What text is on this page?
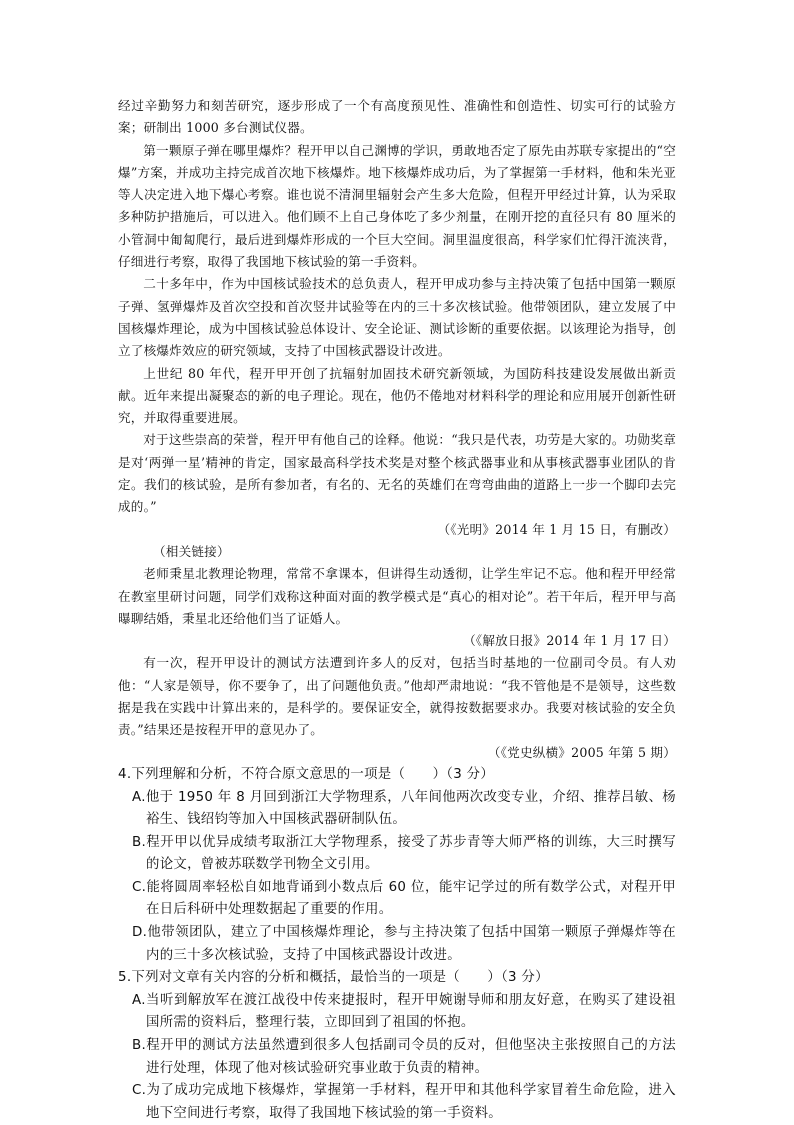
经过辛勤努力和刻苦研究，逐步形成了一个有高度预见性、准确性和创造性、切实可行的试验方案；研制出 1000 多台测试仪器。

第一颗原子弹在哪里爆炸？程开甲以自己渊博的学识，勇敢地否定了原先由苏联专家提出的“空爆”方案，并成功主持完成首次地下核爆炸。地下核爆炸成功后，为了掌握第一手材料，他和朱光亚等人决定进入地下爆心考察。谁也说不清洞里辐射会产生多大危险，但程开甲经过计算，认为采取多种防护措施后，可以进入。他们顾不上自己身体吃了多少剂量，在刚开挖的直径只有 80 厘米的小管洞中匍匐爬行，最后进到爆炸形成的一个巨大空间。洞里温度很高，科学家们忙得汗流浃背，仔细进行考察，取得了我国地下核试验的第一手资料。

二十多年中，作为中国核试验技术的总负责人，程开甲成功参与主持决策了包括中国第一颗原子弹、氢弹爆炸及首次空投和首次竖井试验等在内的三十多次核试验。他带领团队，建立发展了中国核爆炸理论，成为中国核试验总体设计、安全论证、测试诊断的重要依据。以该理论为指导，创立了核爆炸效应的研究领域，支持了中国核武器设计改进。

上世纪 80 年代，程开甲开创了抗辐射加固技术研究新领域，为国防科技建设发展做出新贡献。近年来提出凝聚态的新的电子理论。现在，他仍不倦地对材料科学的理论和应用展开创新性研究，并取得重要进展。

对于这些崇高的荣誉，程开甲有他自己的诠释。他说：“我只是代表，功劳是大家的。功勋奖章是对‘两弹一星’精神的肯定，国家最高科学技术奖是对整个核武器事业和从事核武器事业团队的肯定。我们的核试验，是所有参加者，有名的、无名的英雄们在弯弯曲曲的道路上一步一个脚印去完成的。”

（《光明》2014 年 1 月 15 日，有删改）

（相关链接）

老师秉星北教理论物理，常常不拿课本，但讲得生动透彻，让学生牢记不忘。他和程开甲经常在教室里研讨问题，同学们戏称这种面对面的教学模式是“真心的相对论”。若干年后，程开甲与高曝聊结婚，秉星北还给他们当了证婚人。

（《解放日报》2014 年 1 月 17 日）

有一次，程开甲设计的测试方法遭到许多人的反对，包括当时基地的一位副司令员。有人劝他：“人家是领导，你不要争了，出了问题他负责。”他却严肃地说：“我不管他是不是领导，这些数据是我在实践中计算出来的，是科学的。要保证安全，就得按数据要求办。我要对核试验的安全负责。”结果还是按程开甲的意见办了。

（《党史纵横》2005 年第 5 期）

4.下列理解和分析，不符合原文意思的一项是（　　）（3 分）

A.他于 1950 年 8 月回到浙江大学物理系，八年间他两次改变专业，介绍、推荐吕敏、杨裕生、钱绍钧等加入中国核武器研制队伍。

B.程开甲以优异成绩考取浙江大学物理系，接受了苏步青等大师严格的训练，大三时撰写的论文，曾被苏联数学刊物全文引用。

C.能将圆周率轻松自如地背诵到小数点后 60 位，能牢记学过的所有数学公式，对程开甲在日后科研中处理数据起了重要的作用。

D.他带领团队，建立了中国核爆炸理论，参与主持决策了包括中国第一颗原子弹爆炸等在内的三十多次核试验，支持了中国核武器设计改进。

5.下列对文章有关内容的分析和概括，最恰当的一项是（　　）（3 分）

A.当听到解放军在渡江战役中传来捷报时，程开甲婉谢导师和朋友好意，在购买了建设祖国所需的资料后，整理行装，立即回到了祖国的怀抱。

B.程开甲的测试方法虽然遭到很多人包括副司令员的反对，但他坚决主张按照自己的方法进行处理，体现了他对核试验研究事业敢于负责的精神。

C.为了成功完成地下核爆炸，掌握第一手材料，程开甲和其他科学家冒着生命危险，进入地下空间进行考察，取得了我国地下核试验的第一手资料。
